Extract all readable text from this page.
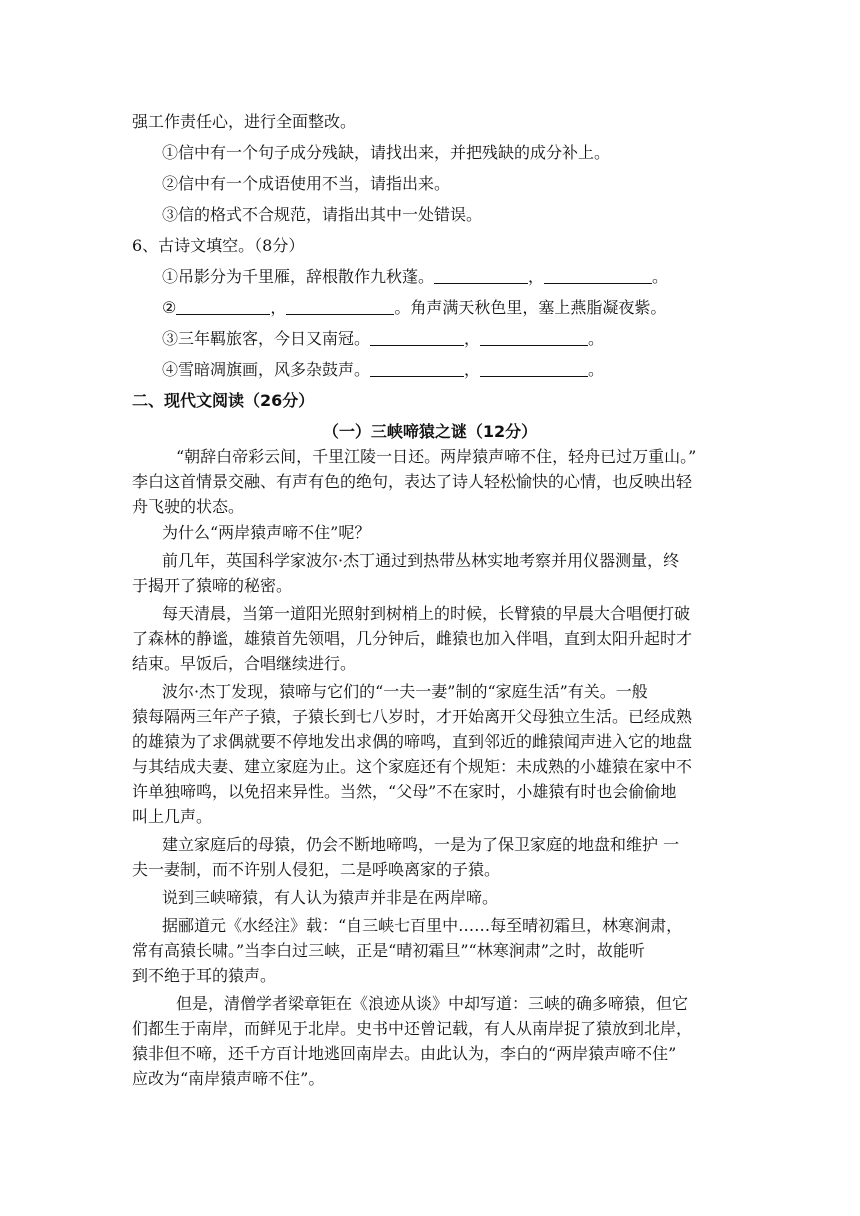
强工作责任心，进行全面整改。
①信中有一个句子成分残缺，请找出来，并把残缺的成分补上。
②信中有一个成语使用不当，请指出来。
③信的格式不合规范，请指出其中一处错误。
6、古诗文填空。（8分）
①吊影分为千里雁，辞根散作九秋蓬。	，	。
②	，	。角声满天秋色里，塞上燕脂凝夜紫。
③三年羁旅客，今日又南冠。	，	。
④雪暗凋旗画，风多杂鼓声。	，	。
二、现代文阅读（26分）
（一）三峡啼猿之谜（12分）
“朝辞白帝彩云间，千里江陵一日还。两岸猿声啼不住，轻舟已过万重山。”
李白这首情景交融、有声有色的绝句，表达了诗人轻松愉快的心情，也反映出轻
舟飞驶的状态。
为什么“两岸猿声啼不住”呢？
前几年，英国科学家波尔·杰丁通过到热带丛林实地考察并用仪器测量，终
于揭开了猿啼的秘密。
每天清晨，当第一道阳光照射到树梢上的时候，长臂猿的早晨大合唱便打破
了森林的静谧，雄猿首先领唱，几分钟后，雌猿也加入伴唱，直到太阳升起时才
结束。早饭后，合唱继续进行。
波尔·杰丁发现，猿啼与它们的“一夫一妻”制的“家庭生活”有关。一般
猿每隔两三年产子猿，子猿长到七八岁时，才开始离开父母独立生活。已经成熟
的雄猿为了求偶就要不停地发出求偶的啼鸣，直到邻近的雌猿闻声进入它的地盘
与其结成夫妻、建立家庭为止。这个家庭还有个规矩：未成熟的小雄猿在家中不
许单独啼鸣，以免招来异性。当然，“父母”不在家时，小雄猿有时也会偷偷地
叫上几声。
建立家庭后的母猿，仍会不断地啼鸣，一是为了保卫家庭的地盘和维护 一
夫一妻制，而不许别人侵犯，二是呼唤离家的子猿。
说到三峡啼猿，有人认为猿声并非是在两岸啼。
据郦道元《水经注》载：“自三峡七百里中……每至晴初霜旦，林寒涧肃，
常有高猿长啸。”当李白过三峡，正是“晴初霜旦”“林寒涧肃”之时，故能听
到不绝于耳的猿声。
但是，清僧学者梁章钜在《浪迹从谈》中却写道：三峡的确多啼猿，但它
们都生于南岸，而鲜见于北岸。史书中还曾记载，有人从南岸捉了猿放到北岸，
猿非但不啼，还千方百计地逃回南岸去。由此认为，李白的“两岸猿声啼不住”
应改为“南岸猿声啼不住”。
